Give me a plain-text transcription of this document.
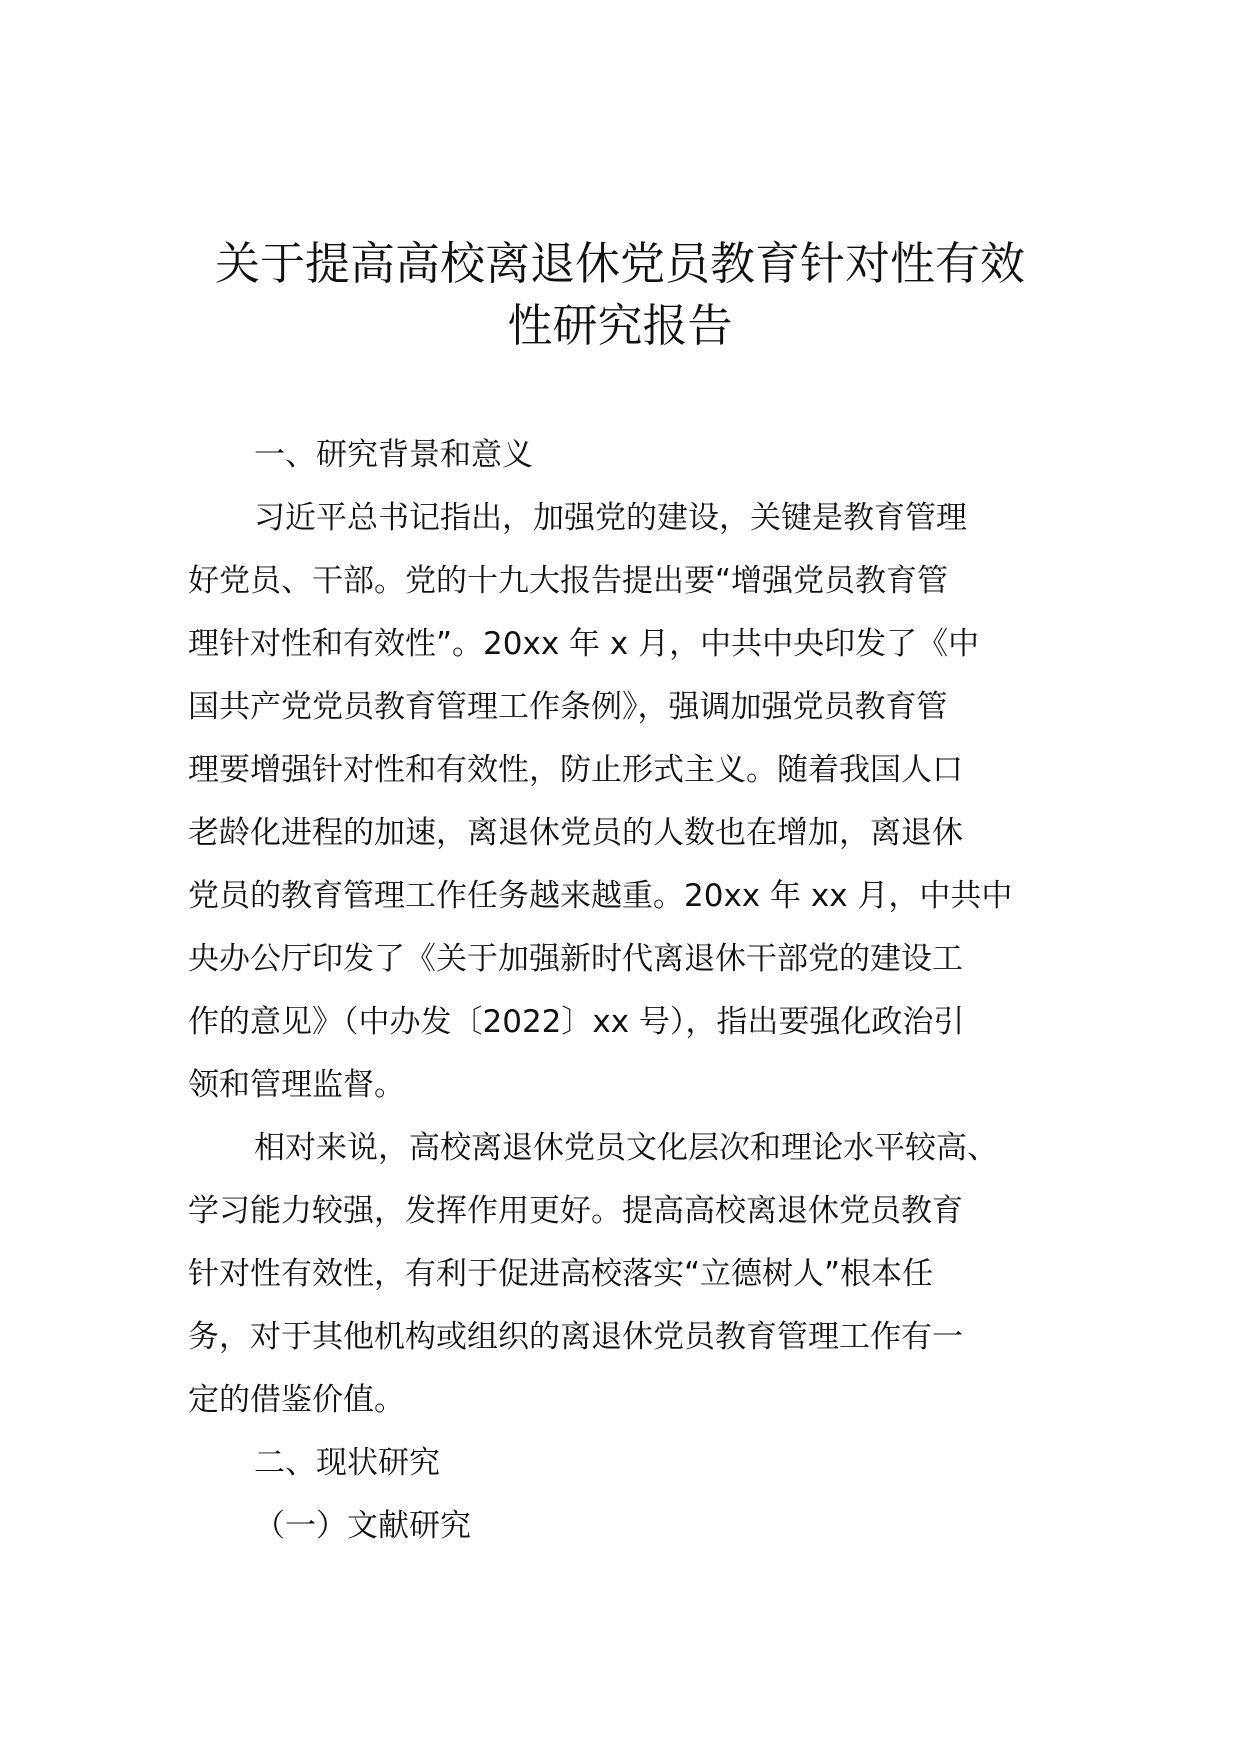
关于提高高校离退休党员教育针对性有效
性研究报告
一、研究背景和意义
习近平总书记指出，加强党的建设，关键是教育管理
好党员、干部。党的十九大报告提出要“增强党员教育管
理针对性和有效性”。20xx 年 x 月，中共中央印发了《中
国共产党党员教育管理工作条例》，强调加强党员教育管
理要增强针对性和有效性，防止形式主义。随着我国人口
老龄化进程的加速，离退休党员的人数也在增加，离退休
党员的教育管理工作任务越来越重。20xx 年 xx 月，中共中
央办公厅印发了《关于加强新时代离退休干部党的建设工
作的意见》（中办发〔2022〕xx 号），指出要强化政治引
领和管理监督。
相对来说，高校离退休党员文化层次和理论水平较高、
学习能力较强，发挥作用更好。提高高校离退休党员教育
针对性有效性，有利于促进高校落实“立德树人”根本任
务，对于其他机构或组织的离退休党员教育管理工作有一
定的借鉴价值。
二、现状研究
（一）文献研究
